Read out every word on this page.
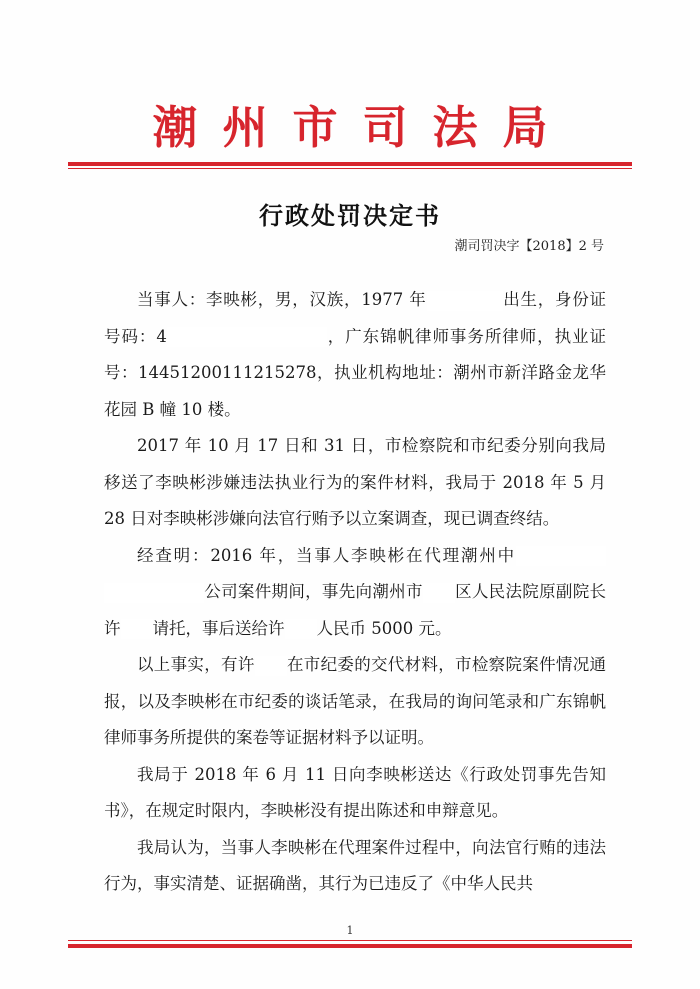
潮州市司法局
行政处罚决定书
潮司罚决字【2018】2 号

当事人：李映彬，男，汉族，1977 年	出生，身份证号码：4	，广东锦帆律师事务所律师，执业证号：14451200111215278，执业机构地址：潮州市新洋路金龙华花园 B 幢 10 楼。

2017 年 10 月 17 日和 31 日，市检察院和市纪委分别向我局移送了李映彬涉嫌违法执业行为的案件材料，我局于 2018 年 5 月 28 日对李映彬涉嫌向法官行贿予以立案调查，现已调查终结。

经查明：2016 年，当事人李映彬在代理潮州中公司案件期间，事先向潮州市 区人民法院原副院长许 请托，事后送给许 人民币 5000 元。

以上事实，有许 在市纪委的交代材料，市检察院案件情况通报，以及李映彬在市纪委的谈话笔录，在我局的询问笔录和广东锦帆律师事务所提供的案卷等证据材料予以证明。

我局于 2018 年 6 月 11 日向李映彬送达《行政处罚事先告知书》，在规定时限内，李映彬没有提出陈述和申辩意见。

我局认为，当事人李映彬在代理案件过程中，向法官行贿的违法行为，事实清楚、证据确凿，其行为已违反了《中华人民共

1
